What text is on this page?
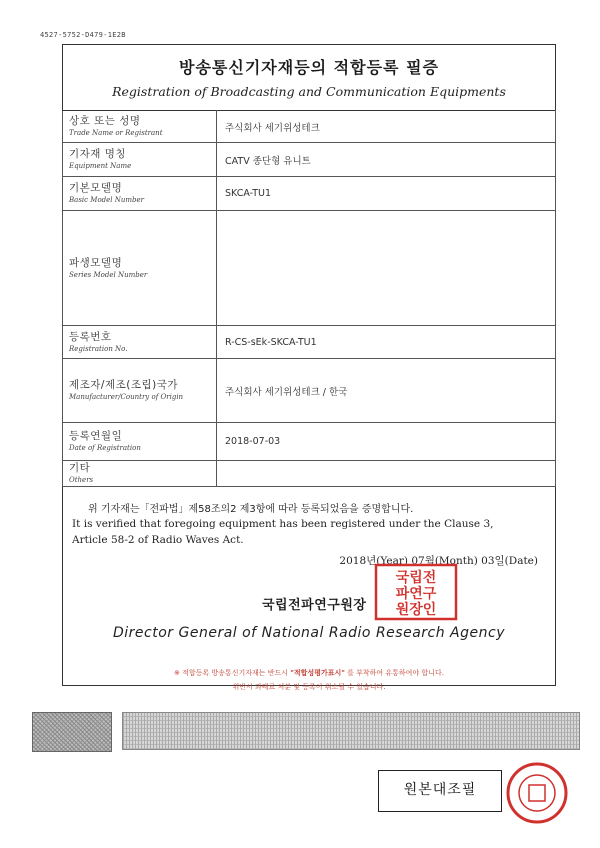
4527-5752-D479-1E2B
방송통신기자재등의 적합등록 필증
Registration of Broadcasting and Communication Equipments
상호 또는 성명
Trade Name or Registrant	주식회사 세기위성테크

기자재 명칭
Equipment Name	CATV 종단형 유니트

기본모델명
Basic Model Number	SKCA-TU1

파생모델명
Series Model Number	

등록번호
Registration No.	R-CS-sEk-SKCA-TU1

제조자/제조(조립)국가
Manufacturer/Country of Origin	주식회사 세기위성테크 / 한국

등록연월일
Date of Registration	2018-07-03

기타
Others	

위 기자재는「전파법」제58조의2 제3항에 따라 등록되었음을 증명합니다.
It is verified that foregoing equipment has been registered under the Clause 3,
Article 58-2 of Radio Waves Act.
2018년(Year) 07월(Month) 03일(Date)
국립전
파연구
원장인
국립전파연구원장
Director General of National Radio Research Agency
※ 적합등록 방송통신기자재는 반드시 "적합성평가표시" 를 부착하여 유통하여야 합니다.
위반시 과태료 처분 및 등록이 취소될 수 있습니다.
원본대조필
